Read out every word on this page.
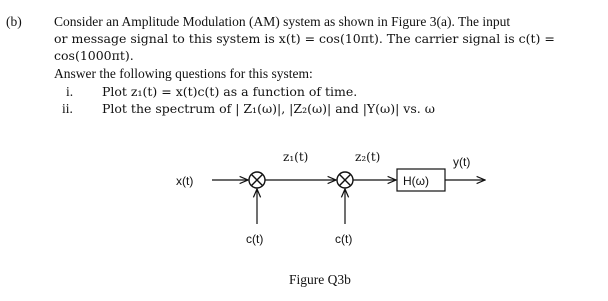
(b) Consider an Amplitude Modulation (AM) system as shown in Figure 3(a). The input
or message signal to this system is x(t) = cos(10πt). The carrier signal is c(t) =
cos(1000πt).
Answer the following questions for this system:
i. Plot z₁(t) = x(t)c(t) as a function of time.
ii. Plot the spectrum of | Z₁(ω)|, |Z₂(ω)| and |Y(ω)| vs. ω
x(t)
z₁(t)	z₂(t)	y(t)
c(t)	c(t)
H(ω)
Figure Q3b
